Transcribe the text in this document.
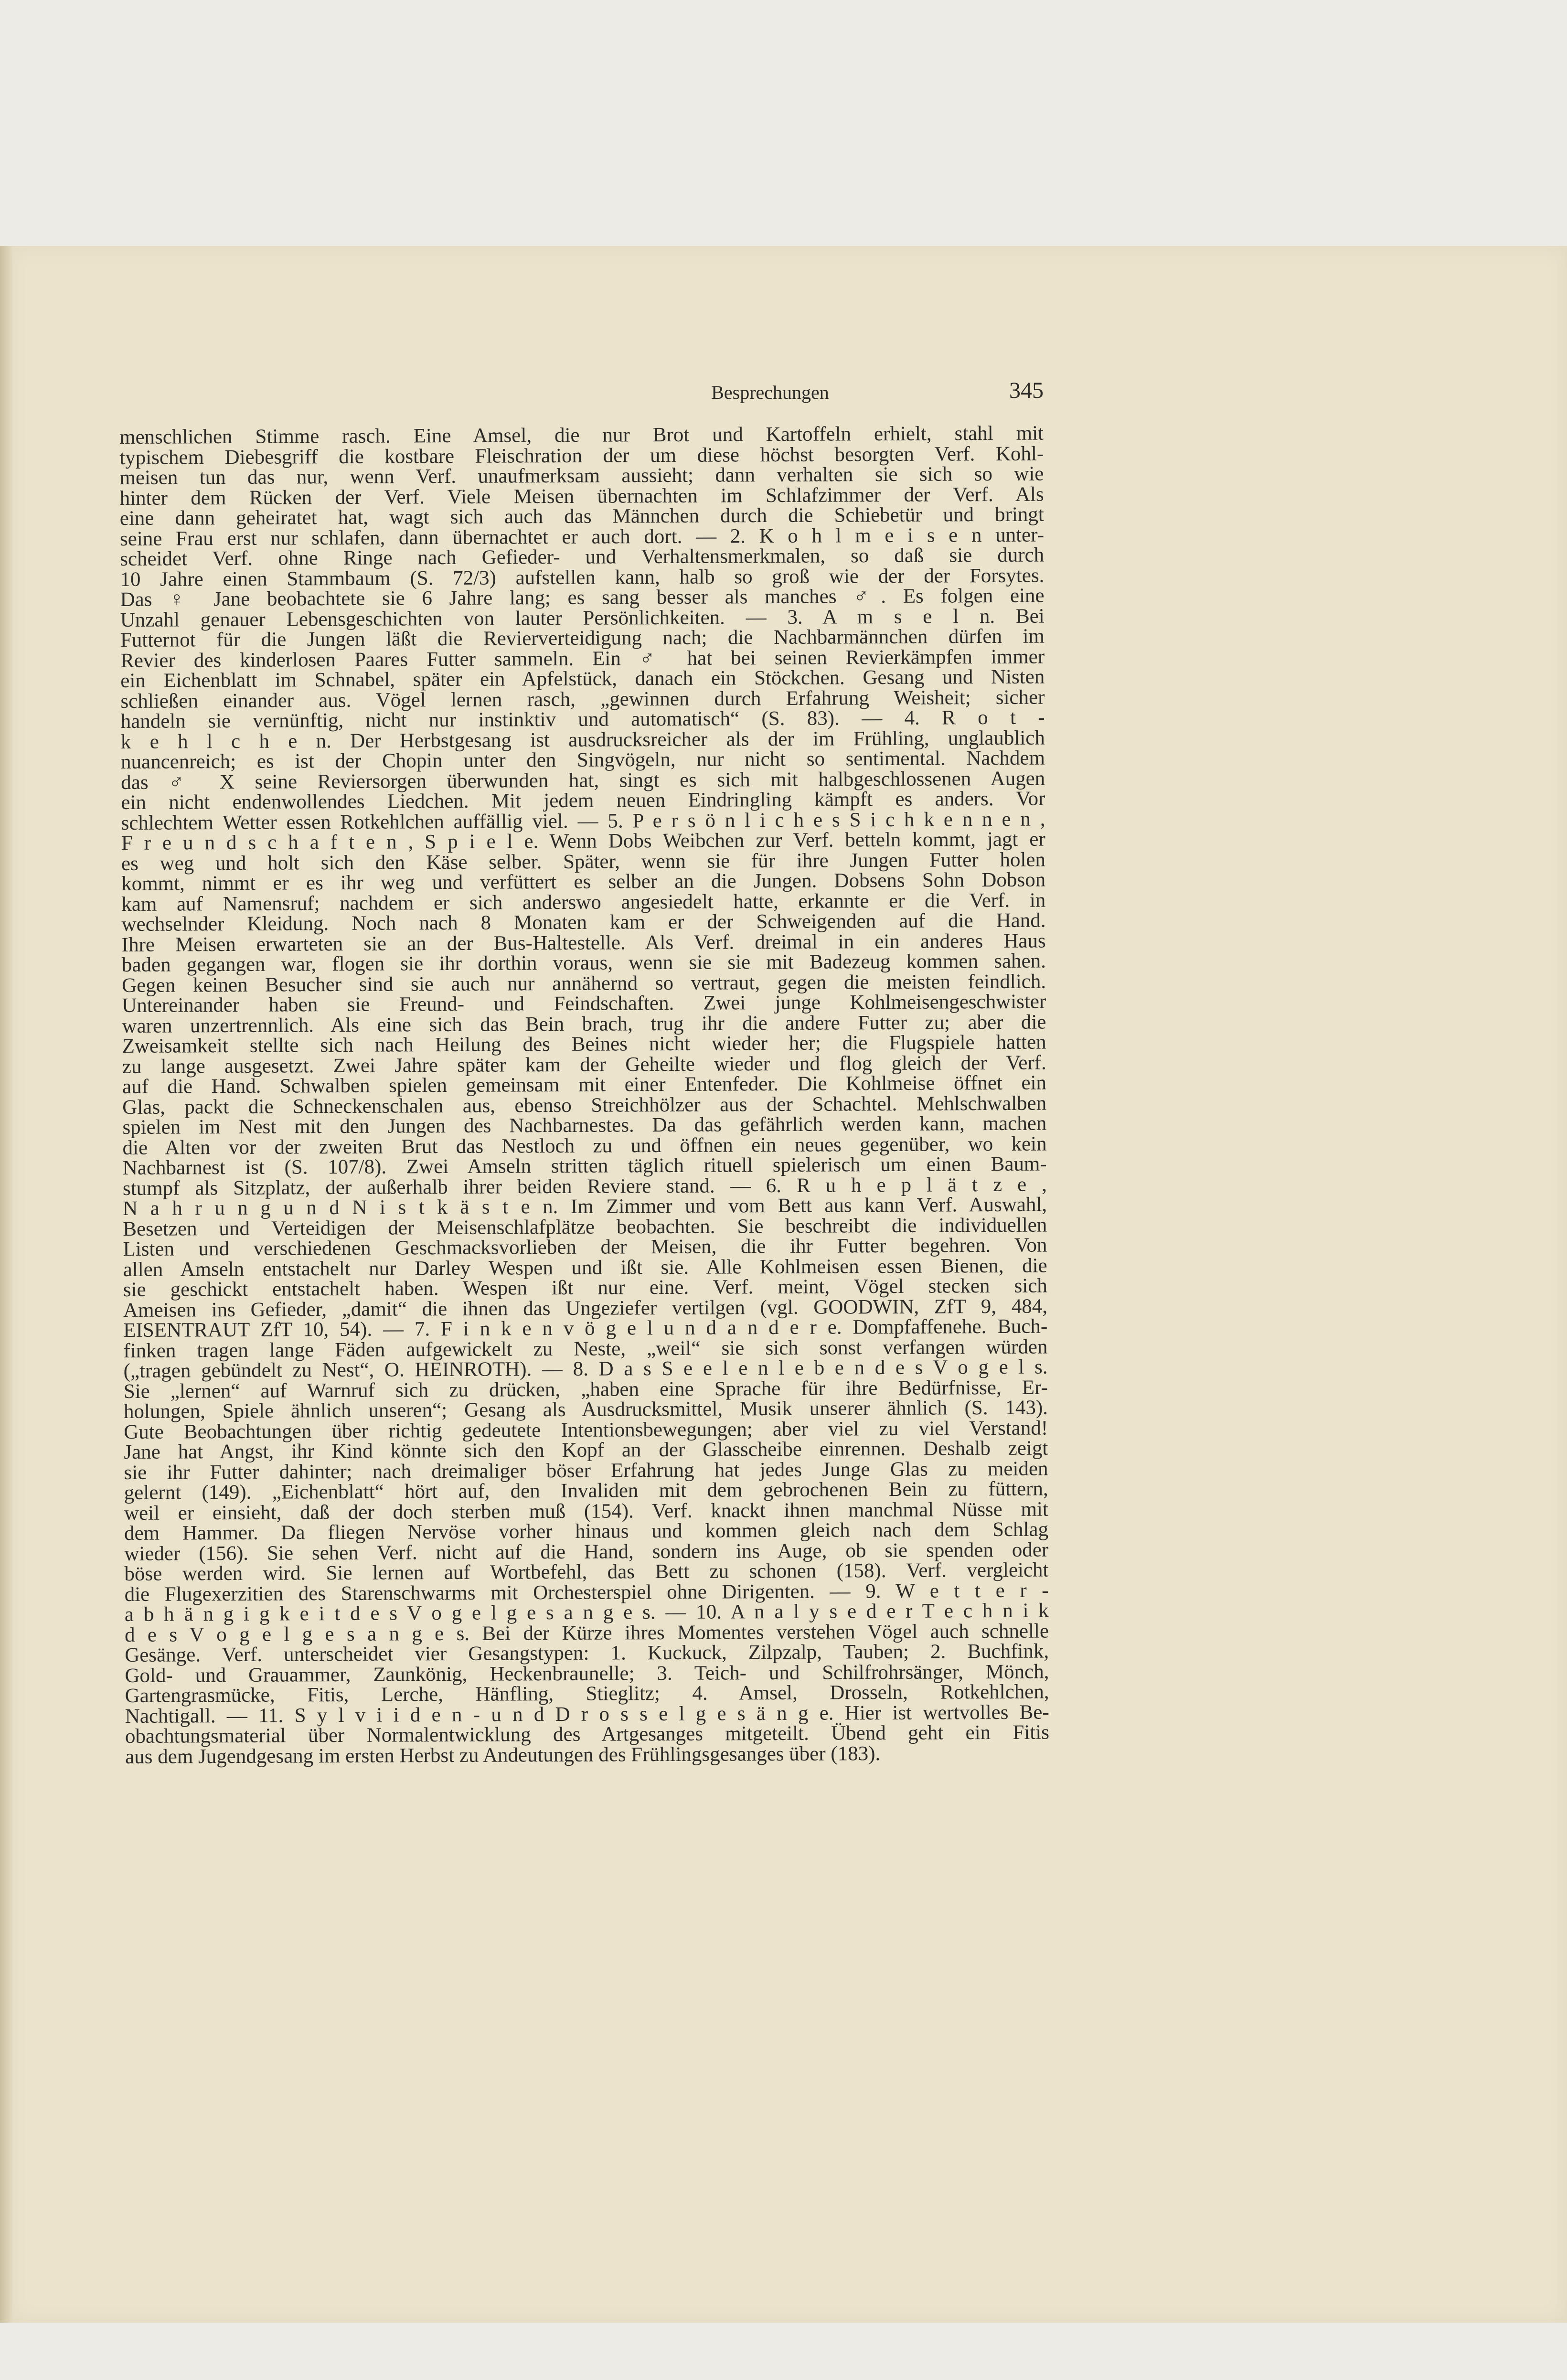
Besprechungen	345
menschlichen Stimme rasch. Eine Amsel, die nur Brot und Kartoffeln erhielt, stahl mit
typischem Diebesgriff die kostbare Fleischration der um diese höchst besorgten Verf. Kohl-
meisen tun das nur, wenn Verf. unaufmerksam aussieht; dann verhalten sie sich so wie
hinter dem Rücken der Verf. Viele Meisen übernachten im Schlafzimmer der Verf. Als
eine dann geheiratet hat, wagt sich auch das Männchen durch die Schiebetür und bringt
seine Frau erst nur schlafen, dann übernachtet er auch dort. — 2. K o h l m e i s e n unter-
scheidet Verf. ohne Ringe nach Gefieder- und Verhaltensmerkmalen, so daß sie durch
10 Jahre einen Stammbaum (S. 72/3) aufstellen kann, halb so groß wie der der Forsytes.
Das ♀ Jane beobachtete sie 6 Jahre lang; es sang besser als manches ♂. Es folgen eine
Unzahl genauer Lebensgeschichten von lauter Persönlichkeiten. — 3. A m s e l n. Bei
Futternot für die Jungen läßt die Revierverteidigung nach; die Nachbarmännchen dürfen im
Revier des kinderlosen Paares Futter sammeln. Ein ♂ hat bei seinen Revierkämpfen immer
ein Eichenblatt im Schnabel, später ein Apfelstück, danach ein Stöckchen. Gesang und Nisten
schließen einander aus. Vögel lernen rasch, „gewinnen durch Erfahrung Weisheit; sicher
handeln sie vernünftig, nicht nur instinktiv und automatisch“ (S. 83). — 4. R o t -
k e h l c h e n. Der Herbstgesang ist ausdrucksreicher als der im Frühling, unglaublich
nuancenreich; es ist der Chopin unter den Singvögeln, nur nicht so sentimental. Nachdem
das ♂ X seine Reviersorgen überwunden hat, singt es sich mit halbgeschlossenen Augen
ein nicht endenwollendes Liedchen. Mit jedem neuen Eindringling kämpft es anders. Vor
schlechtem Wetter essen Rotkehlchen auffällig viel. — 5. P e r s ö n l i c h e s S i c h k e n n e n ,
F r e u n d s c h a f t e n , S p i e l e. Wenn Dobs Weibchen zur Verf. betteln kommt, jagt er
es weg und holt sich den Käse selber. Später, wenn sie für ihre Jungen Futter holen
kommt, nimmt er es ihr weg und verfüttert es selber an die Jungen. Dobsens Sohn Dobson
kam auf Namensruf; nachdem er sich anderswo angesiedelt hatte, erkannte er die Verf. in
wechselnder Kleidung. Noch nach 8 Monaten kam er der Schweigenden auf die Hand.
Ihre Meisen erwarteten sie an der Bus-Haltestelle. Als Verf. dreimal in ein anderes Haus
baden gegangen war, flogen sie ihr dorthin voraus, wenn sie sie mit Badezeug kommen sahen.
Gegen keinen Besucher sind sie auch nur annähernd so vertraut, gegen die meisten feindlich.
Untereinander haben sie Freund- und Feindschaften. Zwei junge Kohlmeisengeschwister
waren unzertrennlich. Als eine sich das Bein brach, trug ihr die andere Futter zu; aber die
Zweisamkeit stellte sich nach Heilung des Beines nicht wieder her; die Flugspiele hatten
zu lange ausgesetzt. Zwei Jahre später kam der Geheilte wieder und flog gleich der Verf.
auf die Hand. Schwalben spielen gemeinsam mit einer Entenfeder. Die Kohlmeise öffnet ein
Glas, packt die Schneckenschalen aus, ebenso Streichhölzer aus der Schachtel. Mehlschwalben
spielen im Nest mit den Jungen des Nachbarnestes. Da das gefährlich werden kann, machen
die Alten vor der zweiten Brut das Nestloch zu und öffnen ein neues gegenüber, wo kein
Nachbarnest ist (S. 107/8). Zwei Amseln stritten täglich rituell spielerisch um einen Baum-
stumpf als Sitzplatz, der außerhalb ihrer beiden Reviere stand. — 6. R u h e p l ä t z e ,
N a h r u n g u n d N i s t k ä s t e n. Im Zimmer und vom Bett aus kann Verf. Auswahl,
Besetzen und Verteidigen der Meisenschlafplätze beobachten. Sie beschreibt die individuellen
Listen und verschiedenen Geschmacksvorlieben der Meisen, die ihr Futter begehren. Von
allen Amseln entstachelt nur Darley Wespen und ißt sie. Alle Kohlmeisen essen Bienen, die
sie geschickt entstachelt haben. Wespen ißt nur eine. Verf. meint, Vögel stecken sich
Ameisen ins Gefieder, „damit“ die ihnen das Ungeziefer vertilgen (vgl. GOODWIN, ZfT 9, 484,
EISENTRAUT ZfT 10, 54). — 7. F i n k e n v ö g e l u n d a n d e r e. Dompfaffenehe. Buch-
finken tragen lange Fäden aufgewickelt zu Neste, „weil“ sie sich sonst verfangen würden
(„tragen gebündelt zu Nest“, O. HEINROTH). — 8. D a s S e e l e n l e b e n d e s V o g e l s.
Sie „lernen“ auf Warnruf sich zu drücken, „haben eine Sprache für ihre Bedürfnisse, Er-
holungen, Spiele ähnlich unseren“; Gesang als Ausdrucksmittel, Musik unserer ähnlich (S. 143).
Gute Beobachtungen über richtig gedeutete Intentionsbewegungen; aber viel zu viel Verstand!
Jane hat Angst, ihr Kind könnte sich den Kopf an der Glasscheibe einrennen. Deshalb zeigt
sie ihr Futter dahinter; nach dreimaliger böser Erfahrung hat jedes Junge Glas zu meiden
gelernt (149). „Eichenblatt“ hört auf, den Invaliden mit dem gebrochenen Bein zu füttern,
weil er einsieht, daß der doch sterben muß (154). Verf. knackt ihnen manchmal Nüsse mit
dem Hammer. Da fliegen Nervöse vorher hinaus und kommen gleich nach dem Schlag
wieder (156). Sie sehen Verf. nicht auf die Hand, sondern ins Auge, ob sie spenden oder
böse werden wird. Sie lernen auf Wortbefehl, das Bett zu schonen (158). Verf. vergleicht
die Flugexerzitien des Starenschwarms mit Orchesterspiel ohne Dirigenten. — 9. W e t t e r -
a b h ä n g i g k e i t d e s V o g e l g e s a n g e s. — 10. A n a l y s e d e r T e c h n i k
d e s V o g e l g e s a n g e s. Bei der Kürze ihres Momentes verstehen Vögel auch schnelle
Gesänge. Verf. unterscheidet vier Gesangstypen: 1. Kuckuck, Zilpzalp, Tauben; 2. Buchfink,
Gold- und Grauammer, Zaunkönig, Heckenbraunelle; 3. Teich- und Schilfrohrsänger, Mönch,
Gartengrasmücke, Fitis, Lerche, Hänfling, Stieglitz; 4. Amsel, Drosseln, Rotkehlchen,
Nachtigall. — 11. S y l v i i d e n - u n d D r o s s e l g e s ä n g e. Hier ist wertvolles Be-
obachtungsmaterial über Normalentwicklung des Artgesanges mitgeteilt. Übend geht ein Fitis
aus dem Jugendgesang im ersten Herbst zu Andeutungen des Frühlingsgesanges über (183).
